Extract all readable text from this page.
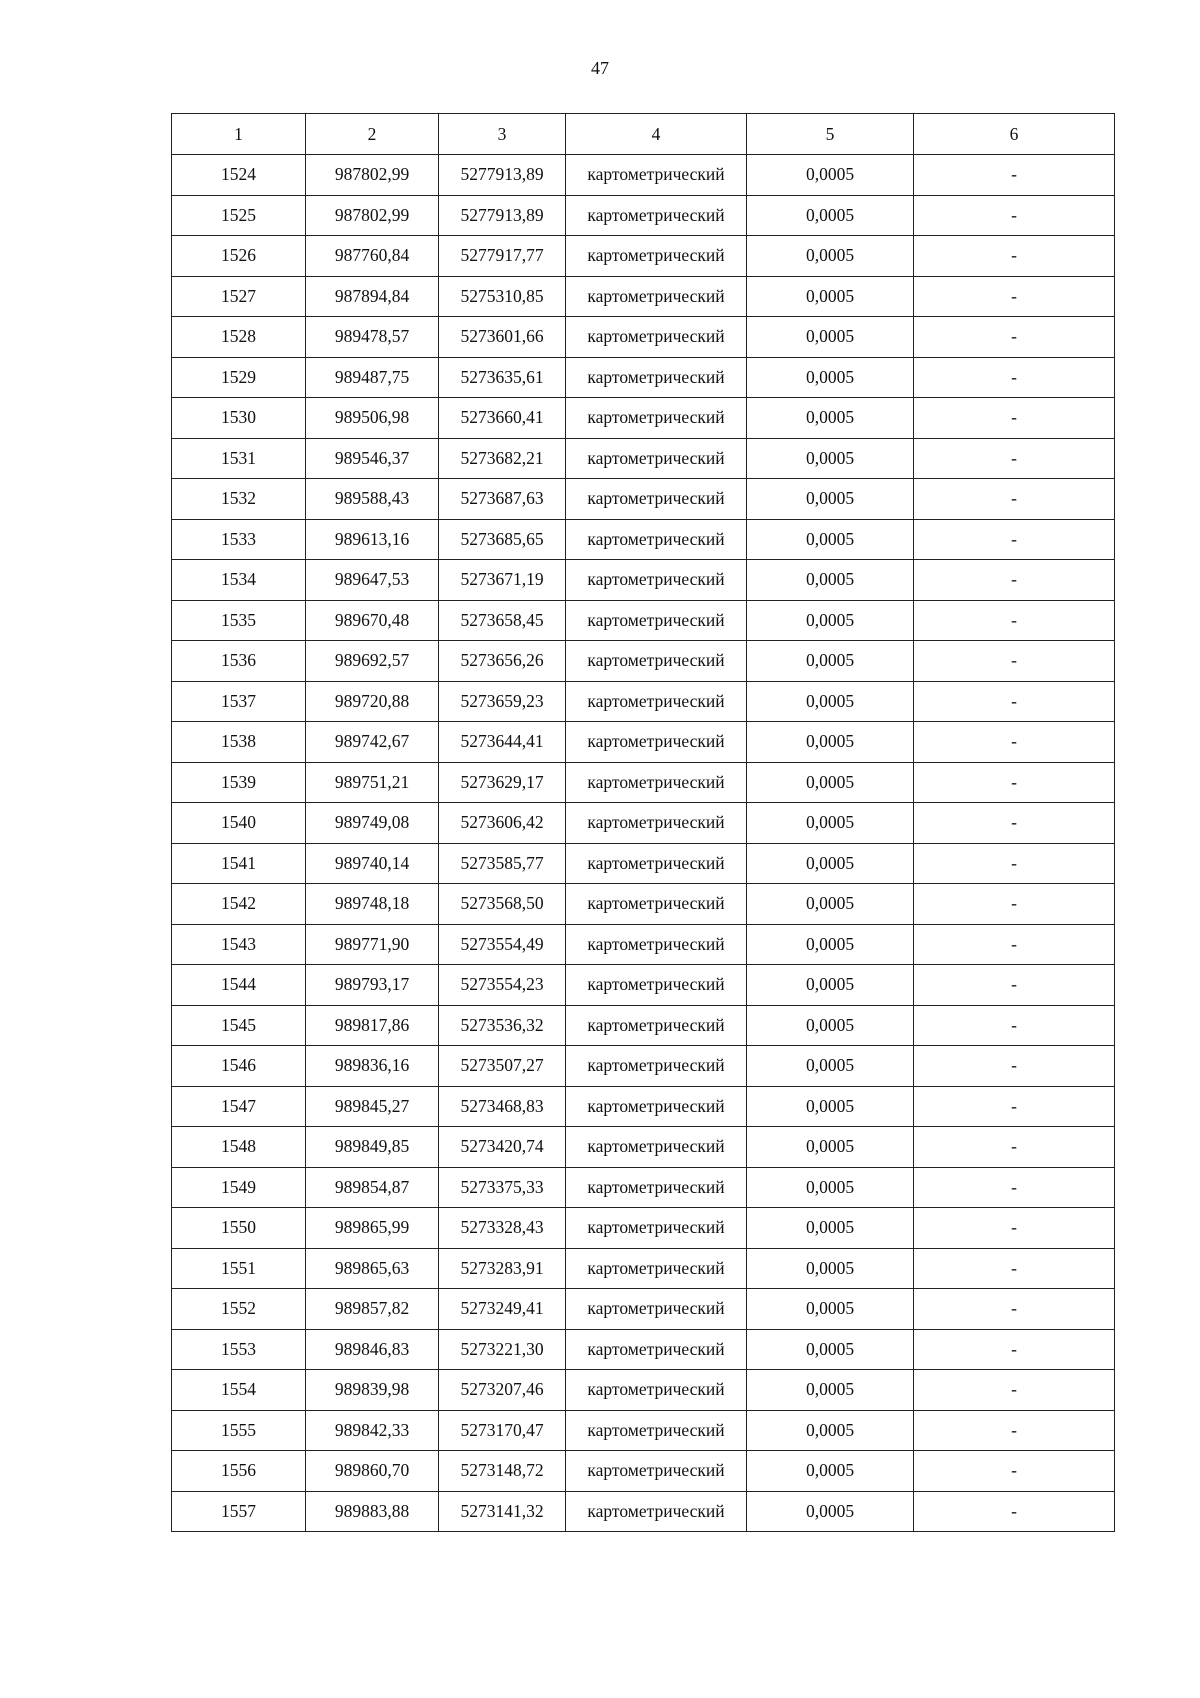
47
1	2	3	4	5	6
1524	987802,99	5277913,89	картометрический	0,0005	-
1525	987802,99	5277913,89	картометрический	0,0005	-
1526	987760,84	5277917,77	картометрический	0,0005	-
1527	987894,84	5275310,85	картометрический	0,0005	-
1528	989478,57	5273601,66	картометрический	0,0005	-
1529	989487,75	5273635,61	картометрический	0,0005	-
1530	989506,98	5273660,41	картометрический	0,0005	-
1531	989546,37	5273682,21	картометрический	0,0005	-
1532	989588,43	5273687,63	картометрический	0,0005	-
1533	989613,16	5273685,65	картометрический	0,0005	-
1534	989647,53	5273671,19	картометрический	0,0005	-
1535	989670,48	5273658,45	картометрический	0,0005	-
1536	989692,57	5273656,26	картометрический	0,0005	-
1537	989720,88	5273659,23	картометрический	0,0005	-
1538	989742,67	5273644,41	картометрический	0,0005	-
1539	989751,21	5273629,17	картометрический	0,0005	-
1540	989749,08	5273606,42	картометрический	0,0005	-
1541	989740,14	5273585,77	картометрический	0,0005	-
1542	989748,18	5273568,50	картометрический	0,0005	-
1543	989771,90	5273554,49	картометрический	0,0005	-
1544	989793,17	5273554,23	картометрический	0,0005	-
1545	989817,86	5273536,32	картометрический	0,0005	-
1546	989836,16	5273507,27	картометрический	0,0005	-
1547	989845,27	5273468,83	картометрический	0,0005	-
1548	989849,85	5273420,74	картометрический	0,0005	-
1549	989854,87	5273375,33	картометрический	0,0005	-
1550	989865,99	5273328,43	картометрический	0,0005	-
1551	989865,63	5273283,91	картометрический	0,0005	-
1552	989857,82	5273249,41	картометрический	0,0005	-
1553	989846,83	5273221,30	картометрический	0,0005	-
1554	989839,98	5273207,46	картометрический	0,0005	-
1555	989842,33	5273170,47	картометрический	0,0005	-
1556	989860,70	5273148,72	картометрический	0,0005	-
1557	989883,88	5273141,32	картометрический	0,0005	-
